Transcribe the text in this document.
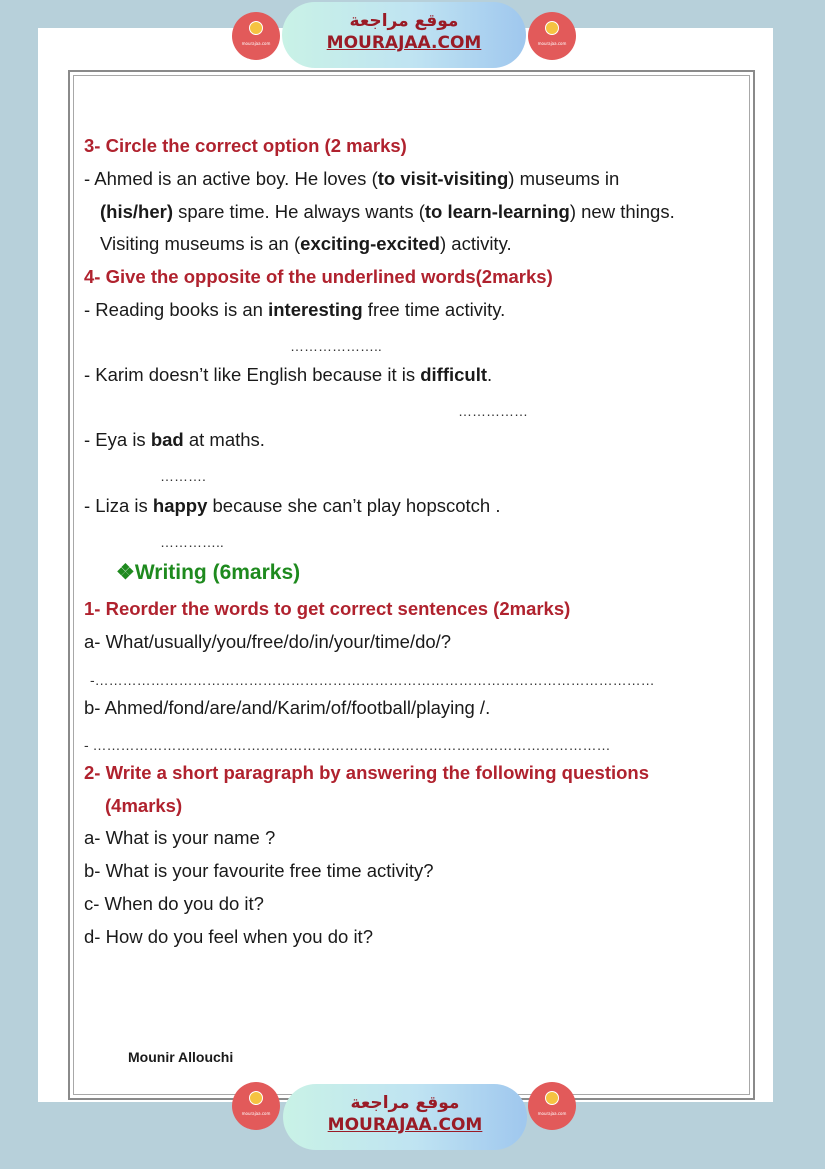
mourajaa.com
موقع مراجعة
MOURAJAA.COM	mourajaa.com
3- Circle the correct option (2 marks)
- Ahmed is an active boy. He loves (to visit-visiting) museums in
(his/her) spare time. He always wants (to learn-learning) new things.
Visiting museums is an (exciting-excited) activity.
4- Give the opposite of the underlined words(2marks)
- Reading books is an interesting free time activity.
………………..
- Karim doesn’t like English because it is difficult.
……………
- Eya is bad at maths.
……….
- Liza is happy because she can’t play hopscotch .
…………..
❖Writing (6marks)
1- Reorder the words to get correct sentences (2marks)
a- What/usually/you/free/do/in/your/time/do/?
-…………………………………………………………………………………………………………
b- Ahmed/fond/are/and/Karim/of/football/playing /.
- …………………………………………………………………………………………………
2- Write a short paragraph by answering the following questions
(4marks)
a- What is your name ?
b- What is your favourite free time activity?
c- When do you do it?
d- How do you feel when you do it?
Mounir Allouchi
mourajaa.com
موقع مراجعة
MOURAJAA.COM
mourajaa.com
